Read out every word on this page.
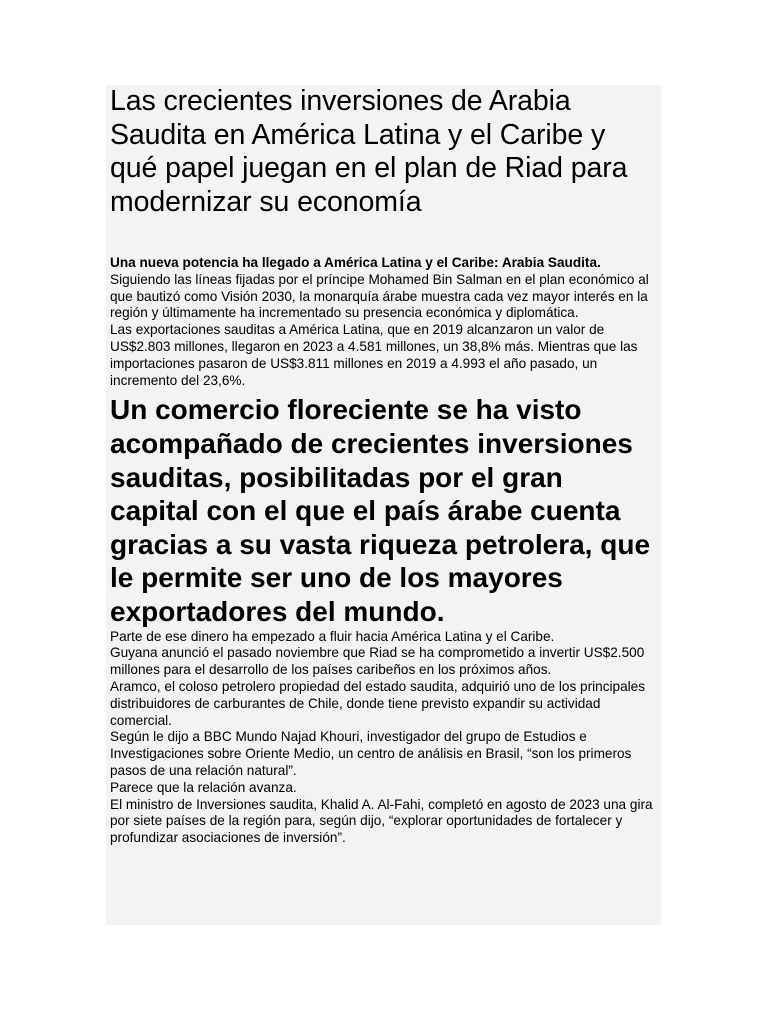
Las crecientes inversiones de Arabia Saudita en América Latina y el Caribe y qué papel juegan en el plan de Riad para modernizar su economía

Una nueva potencia ha llegado a América Latina y el Caribe: Arabia Saudita.

Siguiendo las líneas fijadas por el príncipe Mohamed Bin Salman en el plan económico al que bautizó como Visión 2030, la monarquía árabe muestra cada vez mayor interés en la región y últimamente ha incrementado su presencia económica y diplomática.

Las exportaciones sauditas a América Latina, que en 2019 alcanzaron un valor de US$2.803 millones, llegaron en 2023 a 4.581 millones, un 38,8% más. Mientras que las importaciones pasaron de US$3.811 millones en 2019 a 4.993 el año pasado, un incremento del 23,6%.

Un comercio floreciente se ha visto acompañado de crecientes inversiones sauditas, posibilitadas por el gran capital con el que el país árabe cuenta gracias a su vasta riqueza petrolera, que le permite ser uno de los mayores exportadores del mundo.

Parte de ese dinero ha empezado a fluir hacia América Latina y el Caribe.

Guyana anunció el pasado noviembre que Riad se ha comprometido a invertir US$2.500 millones para el desarrollo de los países caribeños en los próximos años.

Aramco, el coloso petrolero propiedad del estado saudita, adquirió uno de los principales distribuidores de carburantes de Chile, donde tiene previsto expandir su actividad comercial.

Según le dijo a BBC Mundo Najad Khouri, investigador del grupo de Estudios e Investigaciones sobre Oriente Medio, un centro de análisis en Brasil, “son los primeros pasos de una relación natural”.

Parece que la relación avanza.

El ministro de Inversiones saudita, Khalid A. Al-Fahi, completó en agosto de 2023 una gira por siete países de la región para, según dijo, “explorar oportunidades de fortalecer y profundizar asociaciones de inversión”.
